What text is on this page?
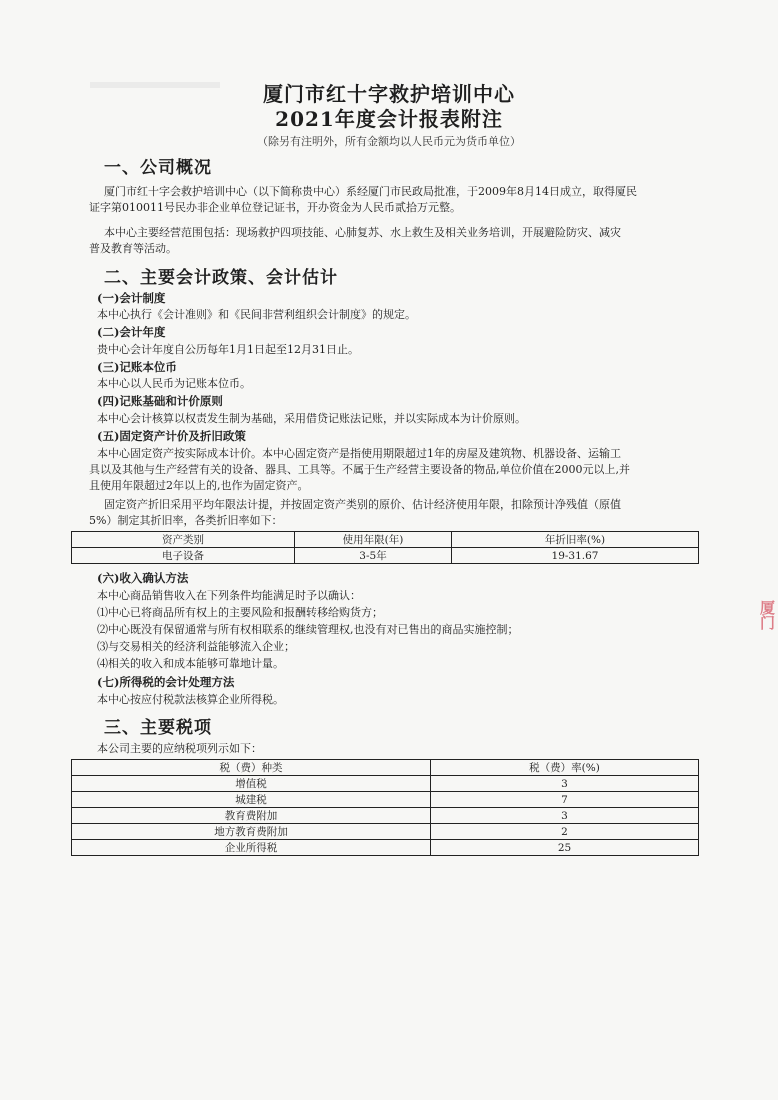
厦门市红十字救护培训中心
2021年度会计报表附注
（除另有注明外，所有金额均以人民币元为货币单位）
一、公司概况
厦门市红十字会救护培训中心（以下简称贵中心）系经厦门市民政局批准，于2009年8月14日成立，取得厦民
证字第010011号民办非企业单位登记证书，开办资金为人民币贰拾万元整。
本中心主要经营范围包括：现场救护四项技能、心肺复苏、水上救生及相关业务培训，开展避险防灾、减灾
普及教育等活动。
二、主要会计政策、会计估计
(一)会计制度
本中心执行《会计准则》和《民间非营利组织会计制度》的规定。
(二)会计年度
贵中心会计年度自公历每年1月1日起至12月31日止。
(三)记账本位币
本中心以人民币为记账本位币。
(四)记账基础和计价原则
本中心会计核算以权责发生制为基础，采用借贷记账法记账，并以实际成本为计价原则。
(五)固定资产计价及折旧政策
本中心固定资产按实际成本计价。本中心固定资产是指使用期限超过1年的房屋及建筑物、机器设备、运输工
具以及其他与生产经营有关的设备、器具、工具等。不属于生产经营主要设备的物品,单位价值在2000元以上,并
且使用年限超过2年以上的,也作为固定资产。
固定资产折旧采用平均年限法计提，并按固定资产类别的原价、估计经济使用年限，扣除预计净残值（原值
5%）制定其折旧率，各类折旧率如下：
资产类别	使用年限(年)	年折旧率(%)
电子设备	3-5年	19-31.67
(六)收入确认方法
本中心商品销售收入在下列条件均能满足时予以确认：
⑴中心已将商品所有权上的主要风险和报酬转移给购货方；
⑵中心既没有保留通常与所有权相联系的继续管理权,也没有对已售出的商品实施控制；
⑶与交易相关的经济利益能够流入企业；
⑷相关的收入和成本能够可靠地计量。
(七)所得税的会计处理方法
本中心按应付税款法核算企业所得税。
三、主要税项
本公司主要的应纳税项列示如下：
税（费）种类	税（费）率(%)
增值税	3
城建税	7
教育费附加	3
地方教育费附加	2
企业所得税	25
厦门
